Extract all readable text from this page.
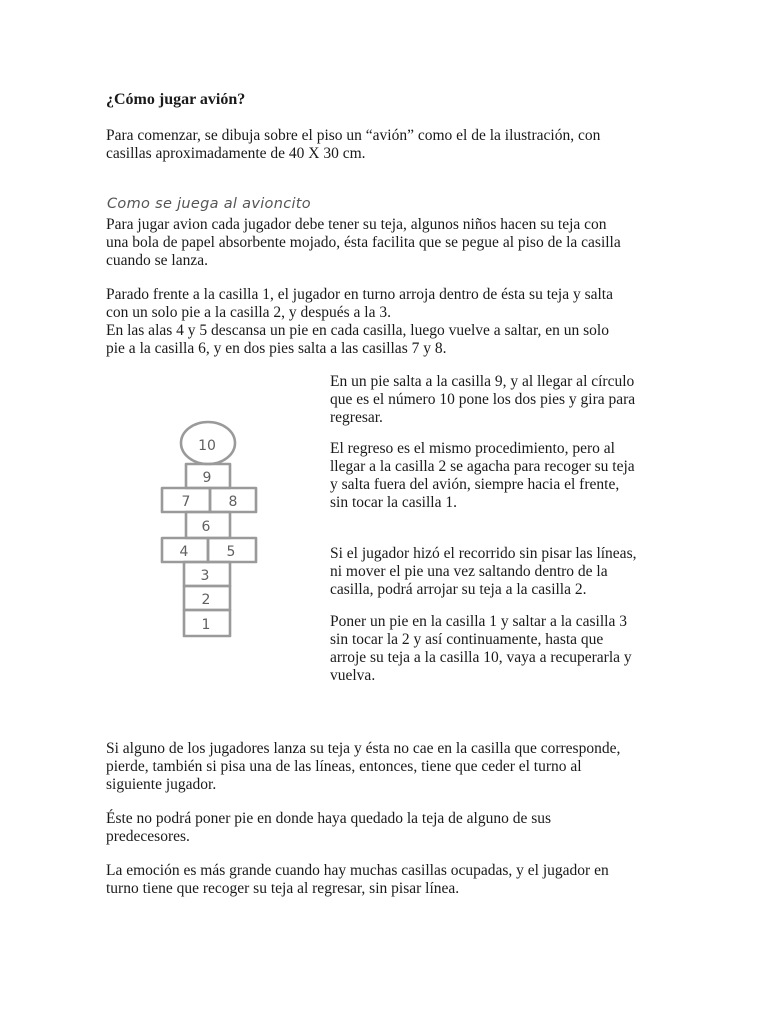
¿Cómo jugar avión?

Para comenzar, se dibuja sobre el piso un “avión” como el de la ilustración, con
casillas aproximadamente de 40 X 30 cm.

Como se juega al avioncito

Para jugar avion cada jugador debe tener su teja, algunos niños hacen su teja con
una bola de papel absorbente mojado, ésta facilita que se pegue al piso de la casilla
cuando se lanza.

Parado frente a la casilla 1, el jugador en turno arroja dentro de ésta su teja y salta
con un solo pie a la casilla 2, y después a la 3.
En las alas 4 y 5 descansa un pie en cada casilla, luego vuelve a saltar, en un solo
pie a la casilla 6, y en dos pies salta a las casillas 7 y 8.

En un pie salta a la casilla 9, y al llegar al círculo
que es el número 10 pone los dos pies y gira para
regresar.

El regreso es el mismo procedimiento, pero al
llegar a la casilla 2 se agacha para recoger su teja
y salta fuera del avión, siempre hacia el frente,
sin tocar la casilla 1.

Si el jugador hizó el recorrido sin pisar las líneas,
ni mover el pie una vez saltando dentro de la
casilla, podrá arrojar su teja a la casilla 2.

Poner un pie en la casilla 1 y saltar a la casilla 3
sin tocar la 2 y así continuamente, hasta que
arroje su teja a la casilla 10, vaya a recuperarla y
vuelva.

10
9
7	8
6
4	5
3
2
1

Si alguno de los jugadores lanza su teja y ésta no cae en la casilla que corresponde,
pierde, también si pisa una de las líneas, entonces, tiene que ceder el turno al
siguiente jugador.

Éste no podrá poner pie en donde haya quedado la teja de alguno de sus
predecesores.

La emoción es más grande cuando hay muchas casillas ocupadas, y el jugador en
turno tiene que recoger su teja al regresar, sin pisar línea.
